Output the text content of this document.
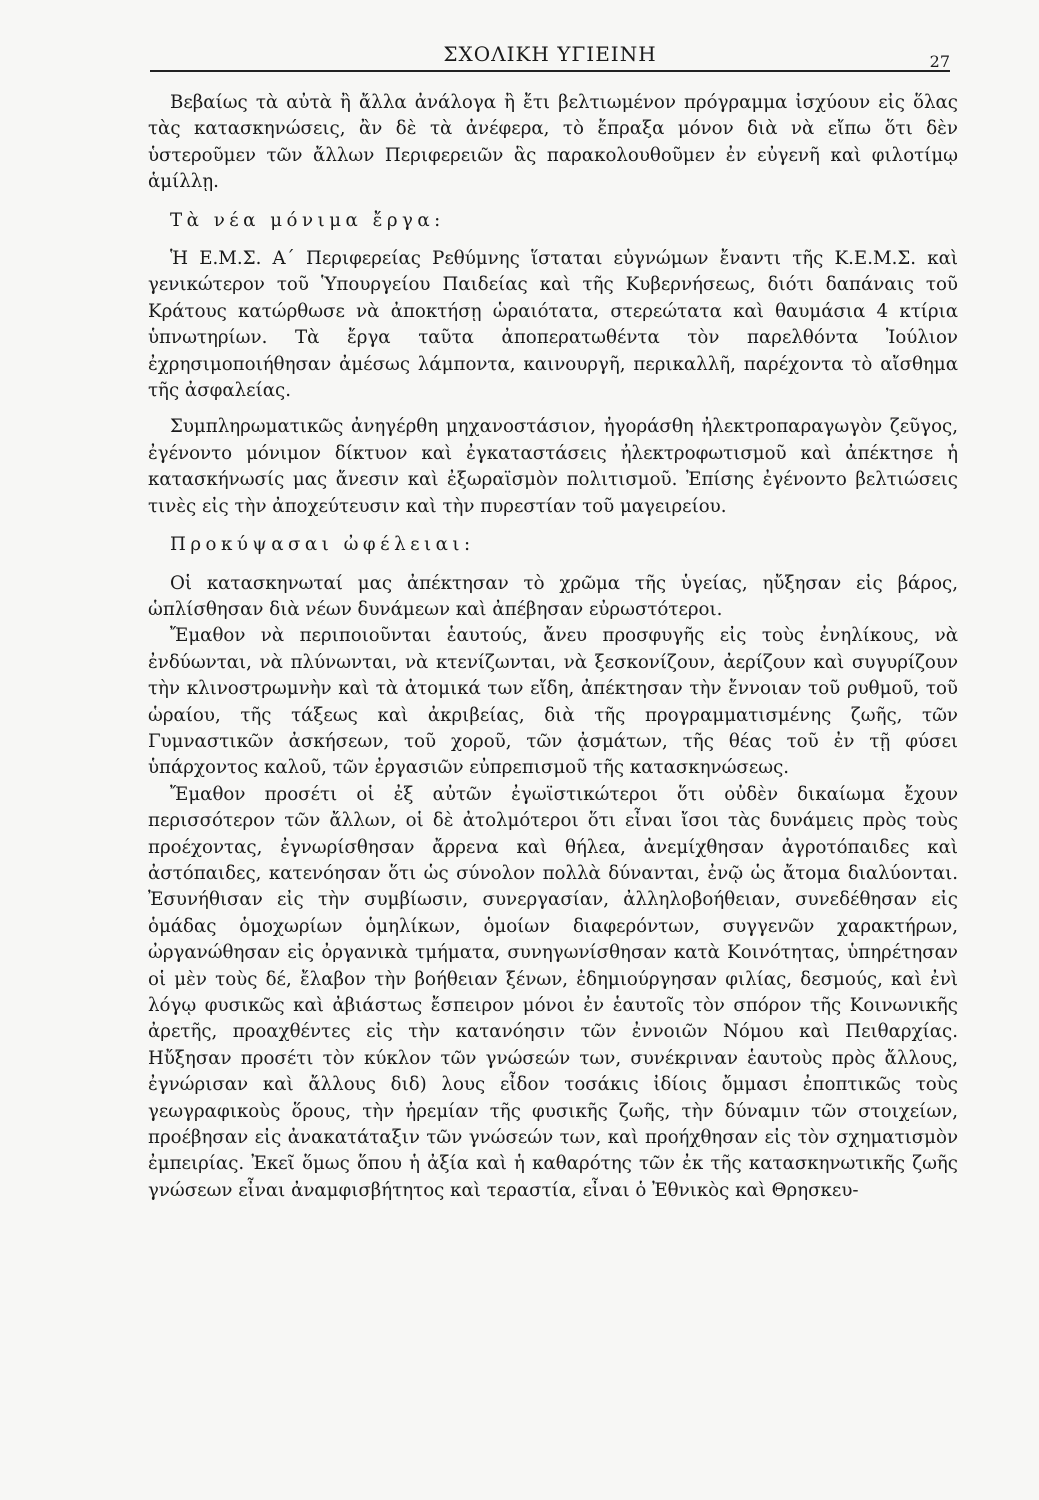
ΣΧΟΛΙΚΗ ΥΓΙΕΙΝΗ	27

Βεβαίως τὰ αὐτὰ ἢ ἄλλα ἀνάλογα ἢ ἔτι βελτιωμένον πρόγραμμα ἰσχύουν εἰς ὅλας τὰς κατασκηνώσεις, ἂν δὲ τὰ ἀνέφερα, τὸ ἔπραξα μόνον διὰ νὰ εἴπω ὅτι δὲν ὑστεροῦμεν τῶν ἄλλων Περιφερειῶν ἃς παρακολουθοῦμεν ἐν εὐγενῆ καὶ φιλοτίμῳ ἁμίλλῃ.

Τὰ νέα μόνιμα ἔργα:

Ἡ Ε.Μ.Σ. Α΄ Περιφερείας Ρεθύμνης ἵσταται εὐγνώμων ἔναντι τῆς Κ.Ε.Μ.Σ. καὶ γενικώτερον τοῦ Ὑπουργείου Παιδείας καὶ τῆς Κυβερνήσεως, διότι δαπάναις τοῦ Κράτους κατώρθωσε νὰ ἀποκτήσῃ ὡραιότατα, στερεώτατα καὶ θαυμάσια 4 κτίρια ὑπνωτηρίων. Τὰ ἔργα ταῦτα ἀποπερατωθέντα τὸν παρελθόντα Ἰούλιον ἐχρησιμοποιήθησαν ἀμέσως λάμποντα, καινουργῆ, περικαλλῆ, παρέχοντα τὸ αἴσθημα τῆς ἀσφαλείας.

Συμπληρωματικῶς ἀνηγέρθη μηχανοστάσιον, ἠγοράσθη ἠλεκτροπαραγωγὸν ζεῦγος, ἐγένοντο μόνιμον δίκτυον καὶ ἐγκαταστάσεις ἠλεκτροφωτισμοῦ καὶ ἀπέκτησε ἡ κατασκήνωσίς μας ἄνεσιν καὶ ἐξωραϊσμὸν πολιτισμοῦ. Ἐπίσης ἐγένοντο βελτιώσεις τινὲς εἰς τὴν ἀποχεύτευσιν καὶ τὴν πυρεστίαν τοῦ μαγειρείου.

Προκύψασαι ὠφέλειαι:

Οἱ κατασκηνωταί μας ἀπέκτησαν τὸ χρῶμα τῆς ὑγείας, ηὔξησαν εἰς βάρος, ὡπλίσθησαν διὰ νέων δυνάμεων καὶ ἀπέβησαν εὐρωστότεροι.

Ἔμαθον νὰ περιποιοῦνται ἑαυτούς, ἄνευ προσφυγῆς εἰς τοὺς ἐνηλίκους, νὰ ἐνδύωνται, νὰ πλύνωνται, νὰ κτενίζωνται, νὰ ξεσκονίζουν, ἀερίζουν καὶ συγυρίζουν τὴν κλινοστρωμνὴν καὶ τὰ ἀτομικά των εἴδη, ἀπέκτησαν τὴν ἔννοιαν τοῦ ρυθμοῦ, τοῦ ὡραίου, τῆς τάξεως καὶ ἀκριβείας, διὰ τῆς προγραμματισμένης ζωῆς, τῶν Γυμναστικῶν ἀσκήσεων, τοῦ χοροῦ, τῶν ᾀσμάτων, τῆς θέας τοῦ ἐν τῇ φύσει ὑπάρχοντος καλοῦ, τῶν ἐργασιῶν εὐπρεπισμοῦ τῆς κατασκηνώσεως.

Ἔμαθον προσέτι οἱ ἐξ αὐτῶν ἐγωϊστικώτεροι ὅτι οὐδὲν δικαίωμα ἔχουν περισσότερον τῶν ἄλλων, οἱ δὲ ἀτολμότεροι ὅτι εἶναι ἴσοι τὰς δυνάμεις πρὸς τοὺς προέχοντας, ἐγνωρίσθησαν ἄρρενα καὶ θήλεα, ἀνεμίχθησαν ἀγροτόπαιδες καὶ ἀστόπαιδες, κατενόησαν ὅτι ὡς σύνολον πολλὰ δύνανται, ἐνῷ ὡς ἄτομα διαλύονται. Ἐσυνήθισαν εἰς τὴν συμβίωσιν, συνεργασίαν, ἀλληλοβοήθειαν, συνεδέθησαν εἰς ὁμάδας ὁμοχωρίων ὁμηλίκων, ὁμοίων διαφερόντων, συγγενῶν χαρακτήρων, ὠργανώθησαν εἰς ὀργανικὰ τμήματα, συνηγωνίσθησαν κατὰ Κοινότητας, ὑπηρέτησαν οἱ μὲν τοὺς δέ, ἔλαβον τὴν βοήθειαν ξένων, ἐδημιούργησαν φιλίας, δεσμούς, καὶ ἐνὶ λόγῳ φυσικῶς καὶ ἀβιάστως ἔσπειρον μόνοι ἐν ἑαυτοῖς τὸν σπόρον τῆς Κοινωνικῆς ἀρετῆς, προαχθέντες εἰς τὴν κατανόησιν τῶν ἐννοιῶν Νόμου καὶ Πειθαρχίας. Ηὔξησαν προσέτι τὸν κύκλον τῶν γνώσεών των, συνέκριναν ἑαυτοὺς πρὸς ἄλλους, ἐγνώρισαν καὶ ἄλλους διδ) λους εἶδον τοσάκις ἰδίοις ὄμμασι ἐποπτικῶς τοὺς γεωγραφικοὺς ὅρους, τὴν ἠρεμίαν τῆς φυσικῆς ζωῆς, τὴν δύναμιν τῶν στοιχείων, προέβησαν εἰς ἀνακατάταξιν τῶν γνώσεών των, καὶ προήχθησαν εἰς τὸν σχηματισμὸν ἐμπειρίας. Ἐκεῖ ὅμως ὅπου ἡ ἀξία καὶ ἡ καθαρότης τῶν ἐκ τῆς κατασκηνωτικῆς ζωῆς γνώσεων εἶναι ἀναμφισβήτητος καὶ τεραστία, εἶναι ὁ Ἐθνικὸς καὶ Θρησκευ-
